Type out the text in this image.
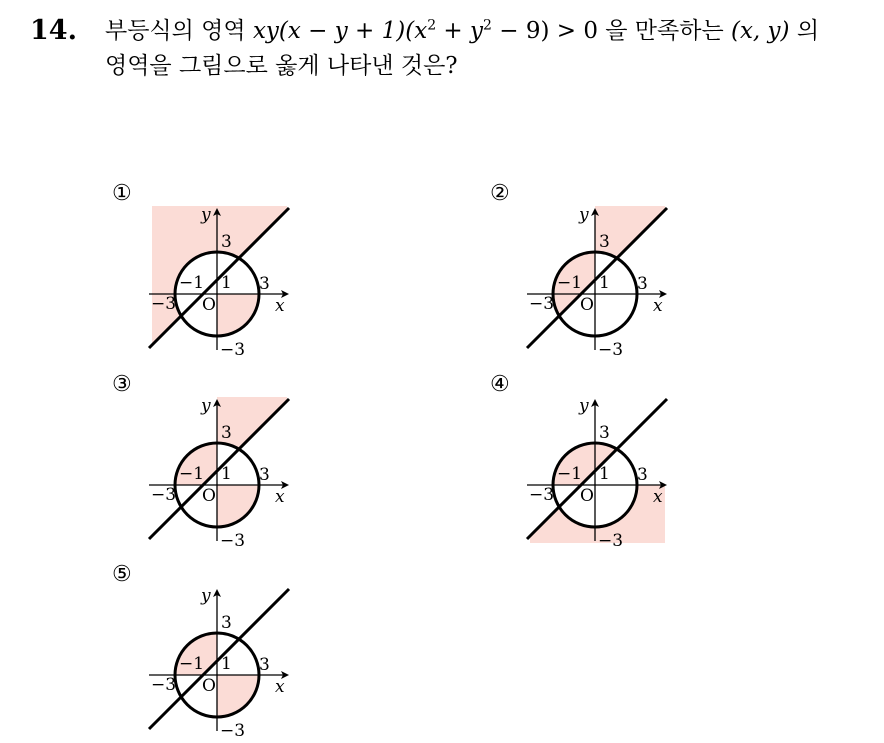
14. 부등식의 영역 $xy(x - y + 1)(x^2 + y^2 - 9) > 0$ 을 만족하는 (x, y) 의
영역을 그림으로 옳게 나타낸 것은?
y
3
−1 1 3
−3 O	x
−3
①
y
3
−1 1 3
−3 O	x
−3
②
y
3
−1 1 3
−3 O	x
−3
③
y
3
−1 1 3
−3 O	x
−3
④
y
3
−1 1 3
−3 O	x
−3
⑤
